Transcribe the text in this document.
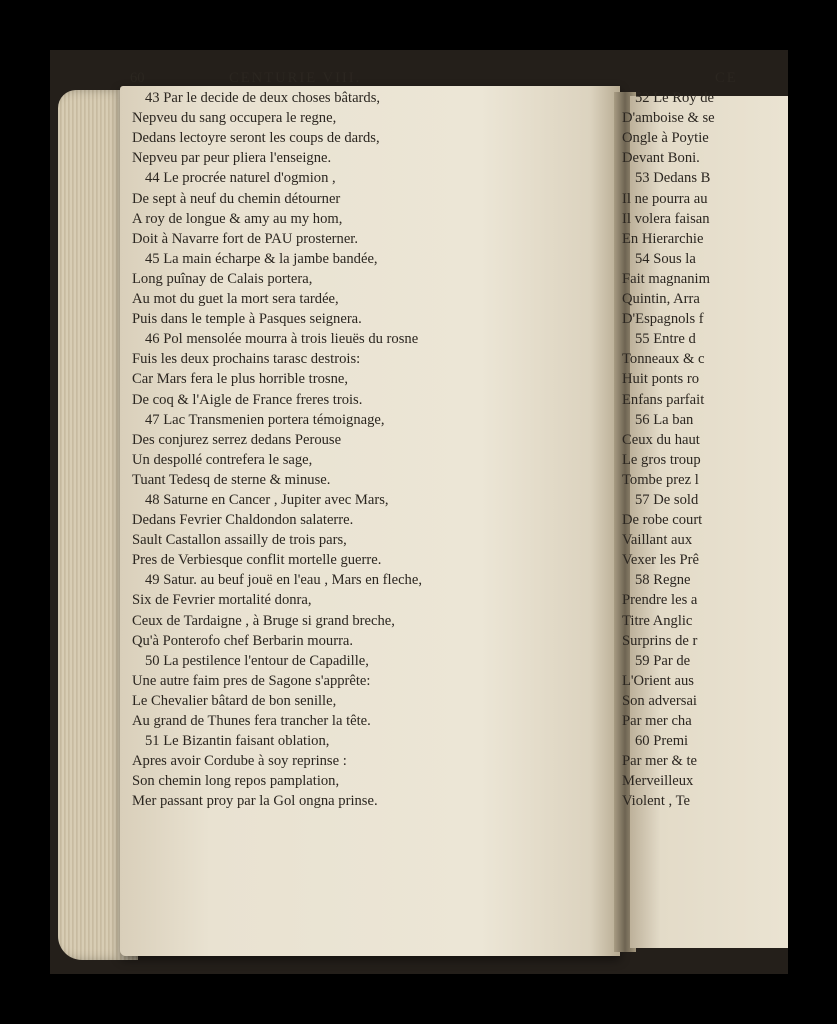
60	CENTURIE VIII.
43 Par le decide de deux choses bâtards,
Nepveu du sang occupera le regne,
Dedans lectoyre seront les coups de dards,
Nepveu par peur pliera l'enseigne.
44 Le procrée naturel d'ogmion ,
De sept à neuf du chemin détourner
A roy de longue & amy au my hom,
Doit à Navarre fort de PAU prosterner.
45 La main écharpe & la jambe bandée,
Long puînay de Calais portera,
Au mot du guet la mort sera tardée,
Puis dans le temple à Pasques seignera.
46 Pol mensolée mourra à trois lieuës du rosne
Fuis les deux prochains tarasc destrois:
Car Mars fera le plus horrible trosne,
De coq & l'Aigle de France freres trois.
47 Lac Transmenien portera témoignage,
Des conjurez serrez dedans Perouse
Un despollé contrefera le sage,
Tuant Tedesq de sterne & minuse.
48 Saturne en Cancer , Jupiter avec Mars,
Dedans Fevrier Chaldondon salaterre.
Sault Castallon assailly de trois pars,
Pres de Verbiesque conflit mortelle guerre.
49 Satur. au beuf jouë en l'eau , Mars en fleche,
Six de Fevrier mortalité donra,
Ceux de Tardaigne , à Bruge si grand breche,
Qu'à Ponterofo chef Berbarin mourra.
50 La pestilence l'entour de Capadille,
Une autre faim pres de Sagone s'apprête:
Le Chevalier bâtard de bon senille,
Au grand de Thunes fera trancher la tête.
51 Le Bizantin faisant oblation,
Apres avoir Cordube à soy reprinse :
Son chemin long repos pamplation,
Mer passant proy par la Gol ongna prinse.
CE
52 Le Roy de
D'amboise & se
Ongle à Poytie
Devant Boni.
53 Dedans B
Il ne pourra au
Il volera faisan
En Hierarchie
54 Sous la
Fait magnanim
Quintin, Arra
D'Espagnols f
55 Entre d
Tonneaux & c
Huit ponts ro
Enfans parfait
56 La ban
Ceux du haut
Le gros troup
Tombe prez l
57 De sold
De robe court
Vaillant aux
Vexer les Prê
58 Regne
Prendre les a
Titre Anglic
Surprins de r
59 Par de
L'Orient aus
Son adversai
Par mer cha
60 Premi
Par mer & te
Merveilleux
Violent , Te
